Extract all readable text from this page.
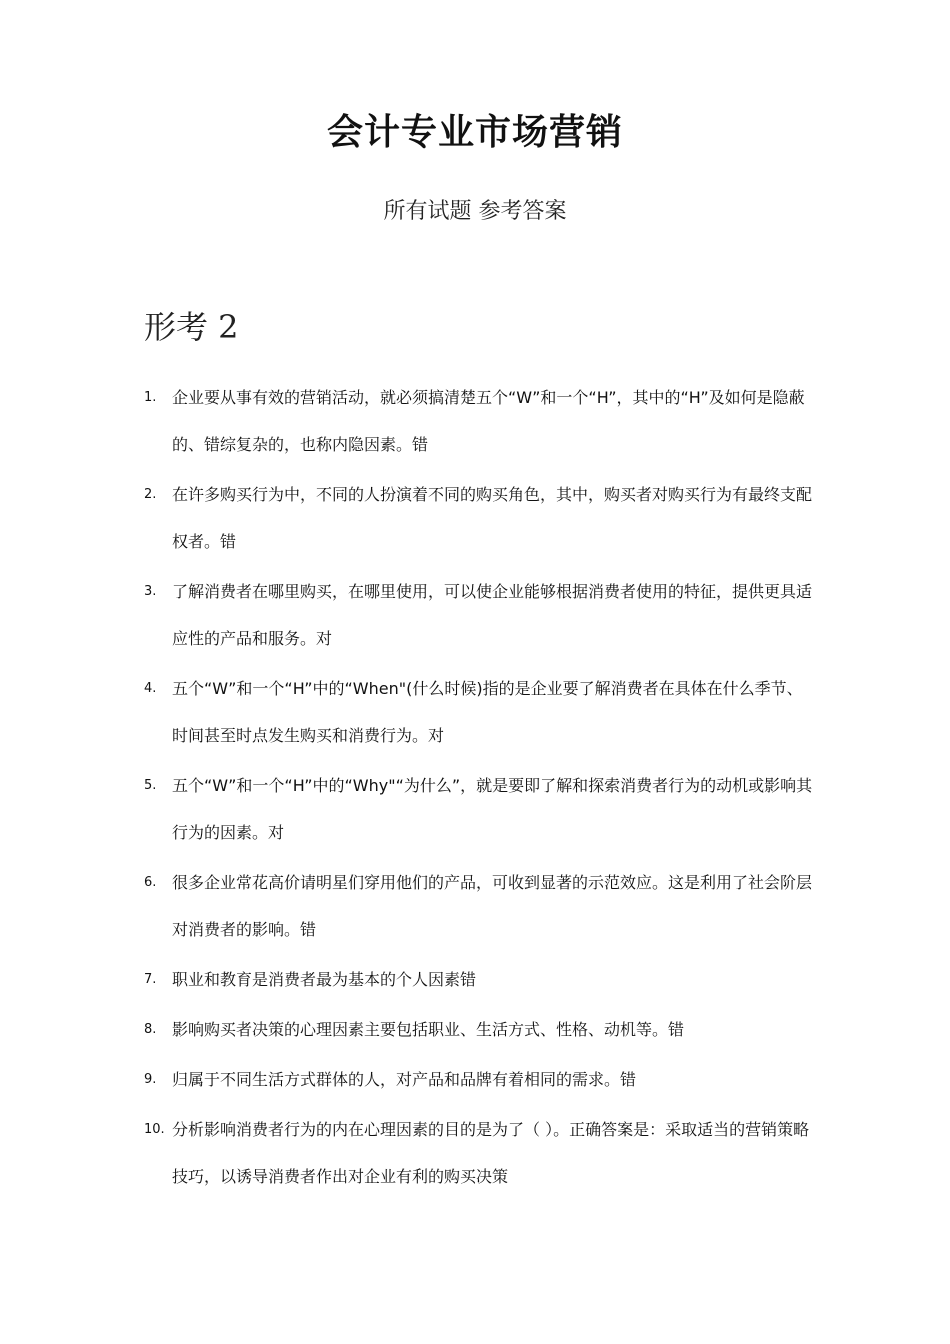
会计专业市场营销
所有试题 参考答案
形考 2
1. 企业要从事有效的营销活动，就必须搞清楚五个“W”和一个“H”，其中的“H”及如何是隐蔽的、错综复杂的，也称内隐因素。错
2. 在许多购买行为中，不同的人扮演着不同的购买角色，其中，购买者对购买行为有最终支配权者。错
3. 了解消费者在哪里购买，在哪里使用，可以使企业能够根据消费者使用的特征，提供更具适应性的产品和服务。对
4. 五个“W”和一个“H”中的“When"(什么时候)指的是企业要了解消费者在具体在什么季节、时间甚至时点发生购买和消费行为。对
5. 五个“W”和一个“H”中的“Why"“为什么”，就是要即了解和探索消费者行为的动机或影响其行为的因素。对
6. 很多企业常花高价请明星们穿用他们的产品，可收到显著的示范效应。这是利用了社会阶层对消费者的影响。错
7. 职业和教育是消费者最为基本的个人因素错
8. 影响购买者决策的心理因素主要包括职业、生活方式、性格、动机等。错
9. 归属于不同生活方式群体的人，对产品和品牌有着相同的需求。错
10. 分析影响消费者行为的内在心理因素的目的是为了（ ）。正确答案是：采取适当的营销策略技巧，以诱导消费者作出对企业有利的购买决策
